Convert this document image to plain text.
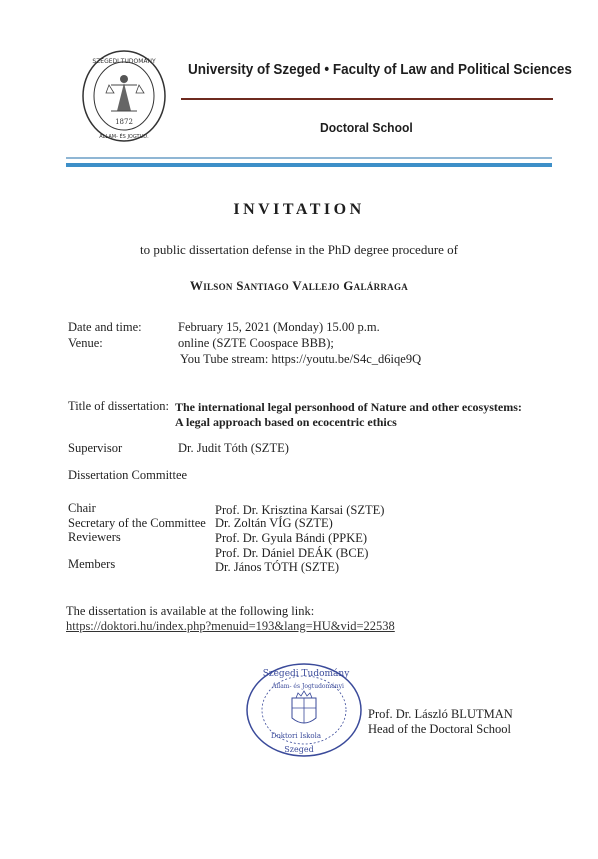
SZEGEDI TUDOMÁNY
ÁLLAM- ÉS JOGTUD.
1872
University of Szeged • Faculty of Law and Political Sciences
Doctoral School
INVITATION
to public dissertation defense in the PhD degree procedure of
Wilson Santiago Vallejo Galárraga
Date and time:	February 15, 2021 (Monday) 15.00 p.m.
Venue:	online (SZTE Coospace BBB);
You Tube stream: https://youtu.be/S4c_d6iqe9Q
Title of dissertation: The international legal personhood of Nature and other ecosystems:
A legal approach based on ecocentric ethics
Supervisor	Dr. Judit Tóth (SZTE)
Dissertation Committee
Chair	Prof. Dr. Krisztina Karsai (SZTE)
Secretary of the Committee Dr. Zoltán VÍG (SZTE)
Reviewers	Prof. Dr. Gyula Bándi (PPKE)
Prof. Dr. Dániel DEÁK (BCE)
Members	Dr. János TÓTH (SZTE)
The dissertation is available at the following link:
https://doktori.hu/index.php?menuid=193&lang=HU&vid=22538
Szegedi Tudomány
Állam- és Jogtudományi
Doktori Iskola
Szeged
Prof. Dr. László BLUTMAN
Head of the Doctoral School
